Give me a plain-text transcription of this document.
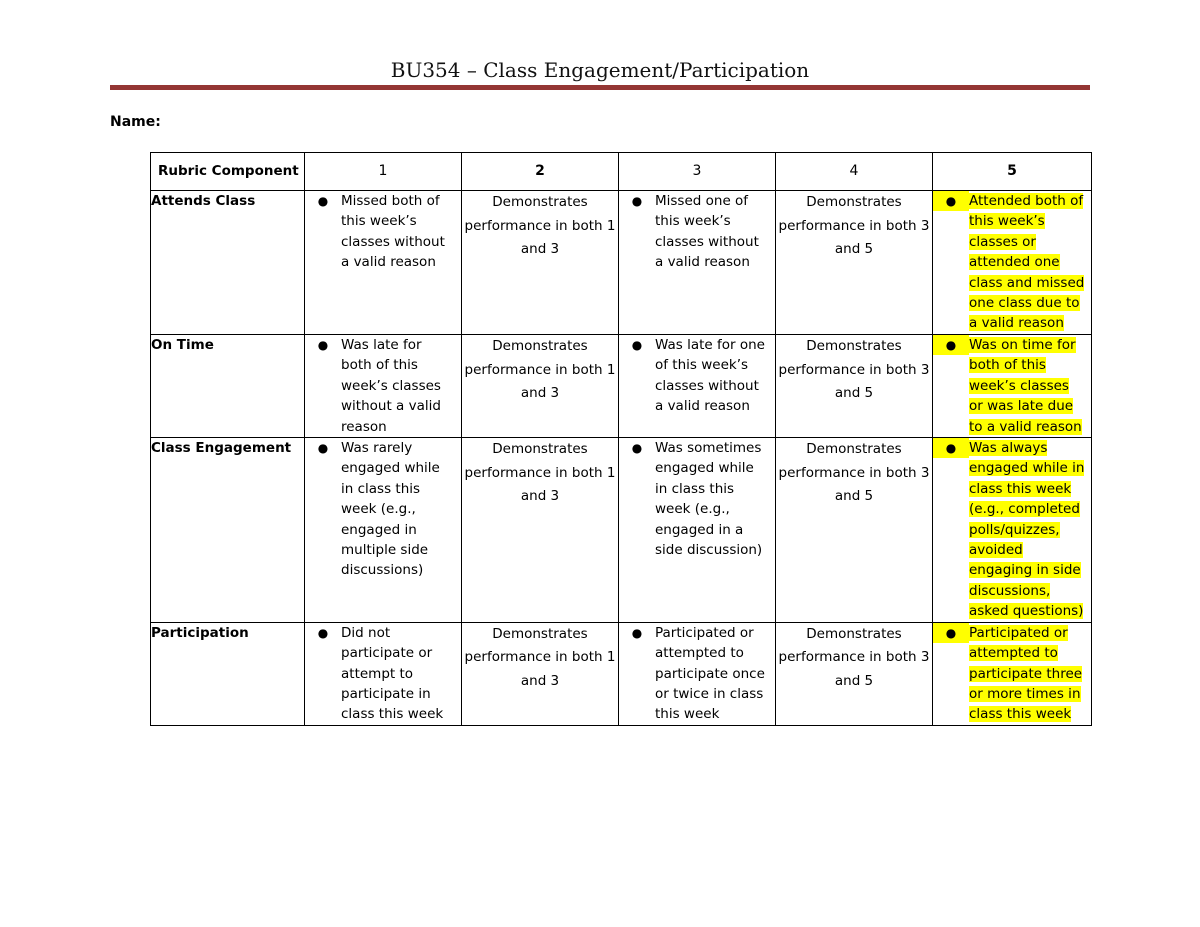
BU354 – Class Engagement/Participation
Name:
Rubric Component	1	2	3	4	5
Attends Class	● Missed both of this week’s classes without a valid reason	Demonstrates performance in both 1 and 3	● Missed one of this week’s classes without a valid reason	Demonstrates performance in both 3 and 5	● Attended both of this week’s classes or attended one class and missed one class due to a valid reason

On Time	● Was late for both of this week’s classes without a valid reason	Demonstrates performance in both 1 and 3	● Was late for one of this week’s classes without a valid reason	Demonstrates performance in both 3 and 5	● Was on time for both of this week’s classes or was late due to a valid reason

Class Engagement	● Was rarely engaged while in class this week (e.g., engaged in multiple side discussions)	Demonstrates performance in both 1 and 3	● Was sometimes engaged while in class this week (e.g., engaged in a side discussion)	Demonstrates performance in both 3 and 5	● Was always engaged while in class this week (e.g., completed polls/quizzes, avoided engaging in side discussions, asked questions)

Participation	● Did not participate or attempt to participate in class this week	Demonstrates performance in both 1 and 3	● Participated or attempted to participate once or twice in class this week	Demonstrates performance in both 3 and 5	● Participated or attempted to participate three or more times in class this week
